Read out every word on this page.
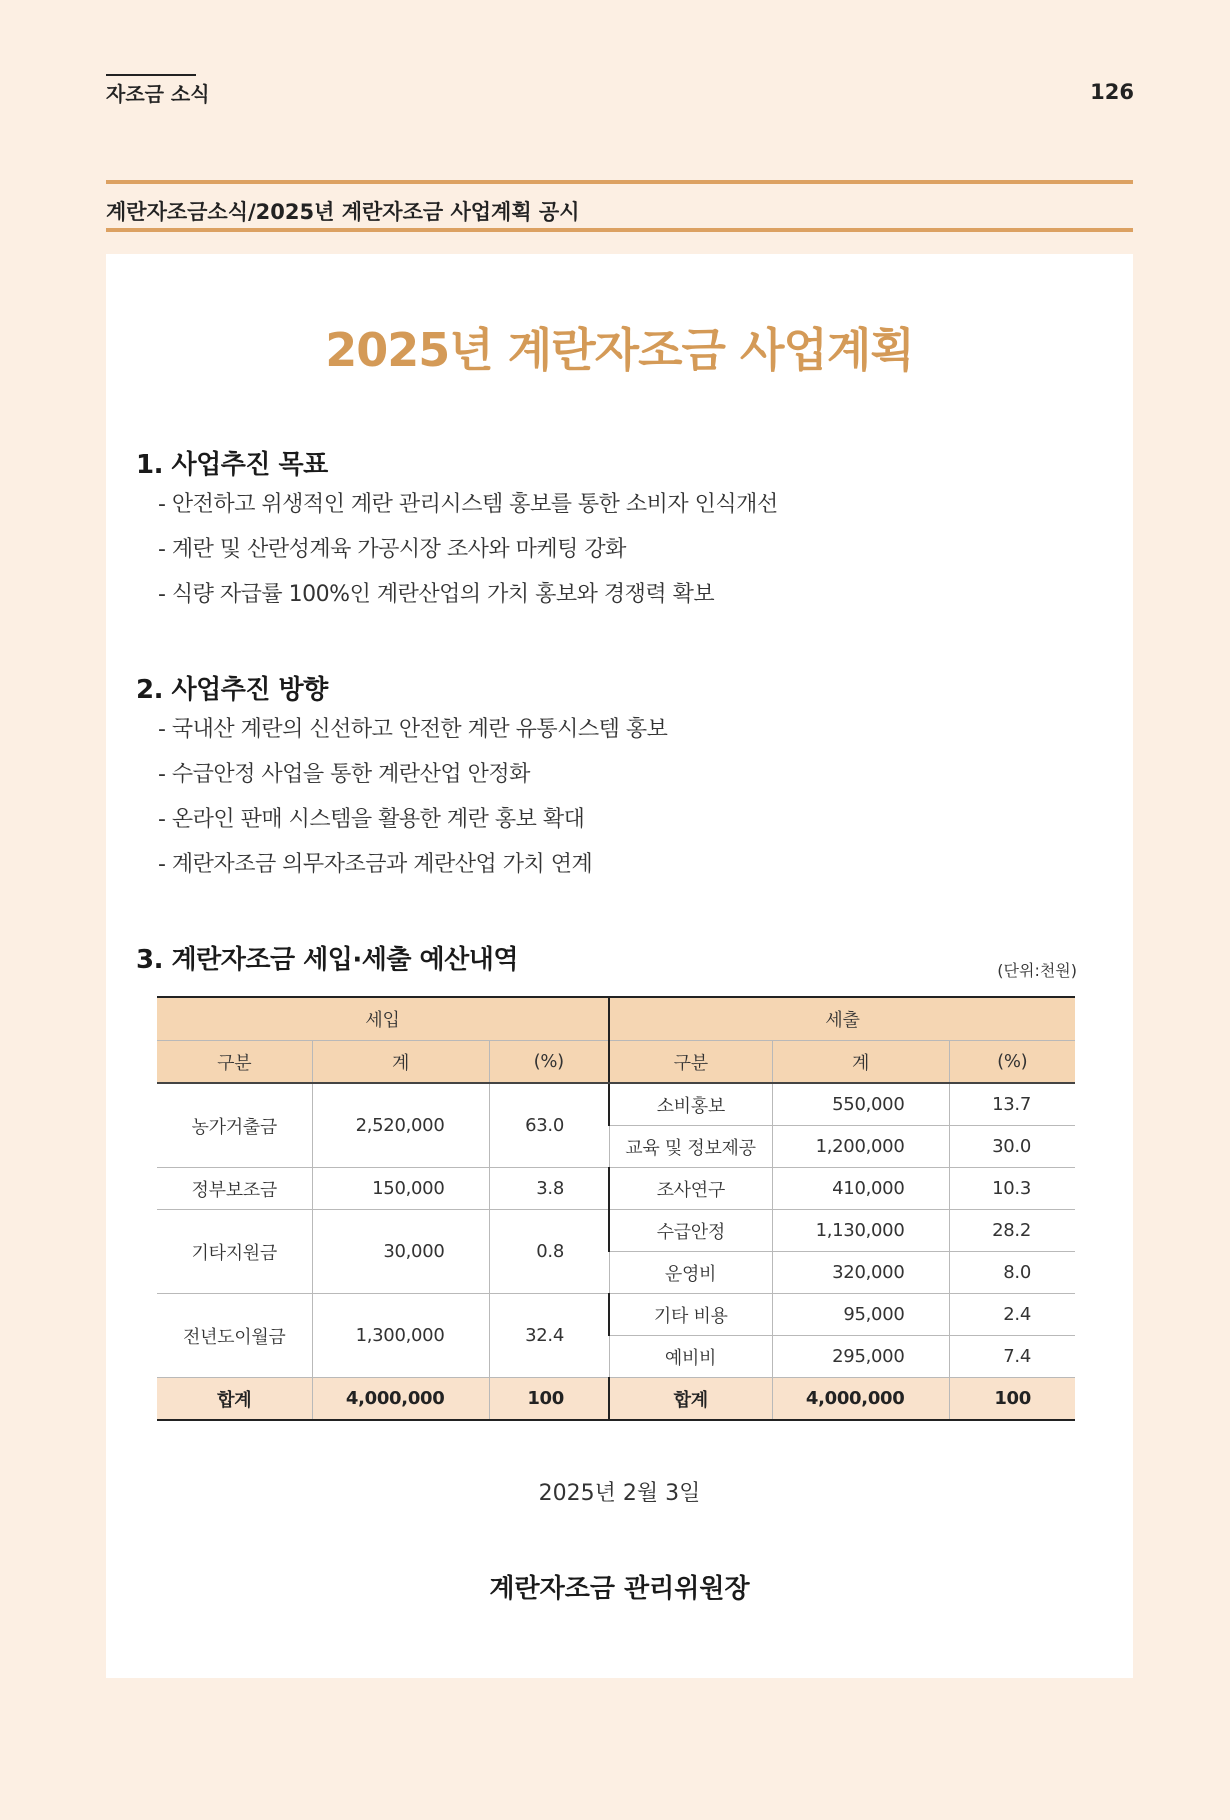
자조금 소식	126
계란자조금소식/2025년 계란자조금 사업계획 공시
2025년 계란자조금 사업계획
1. 사업추진 목표
- 안전하고 위생적인 계란 관리시스템 홍보를 통한 소비자 인식개선
- 계란 및 산란성계육 가공시장 조사와 마케팅 강화
- 식량 자급률 100%인 계란산업의 가치 홍보와 경쟁력 확보
2. 사업추진 방향
- 국내산 계란의 신선하고 안전한 계란 유통시스템 홍보
- 수급안정 사업을 통한 계란산업 안정화
- 온라인 판매 시스템을 활용한 계란 홍보 확대
- 계란자조금 의무자조금과 계란산업 가치 연계
3. 계란자조금 세입·세출 예산내역	(단위:천원)
세입			세출		
구분	계	(%)	구분	계	(%)
농가거출금	2,520,000	63.0	소비홍보	550,000	13.7
			교육 및 정보제공	1,200,000	30.0
정부보조금	150,000	3.8	조사연구	410,000	10.3
기타지원금	30,000	0.8	수급안정	1,130,000	28.2
			운영비	320,000	8.0
전년도이월금	1,300,000	32.4	기타 비용	95,000	2.4
			예비비	295,000	7.4
합계	4,000,000	100	합계	4,000,000	100
2025년 2월 3일
계란자조금 관리위원장
